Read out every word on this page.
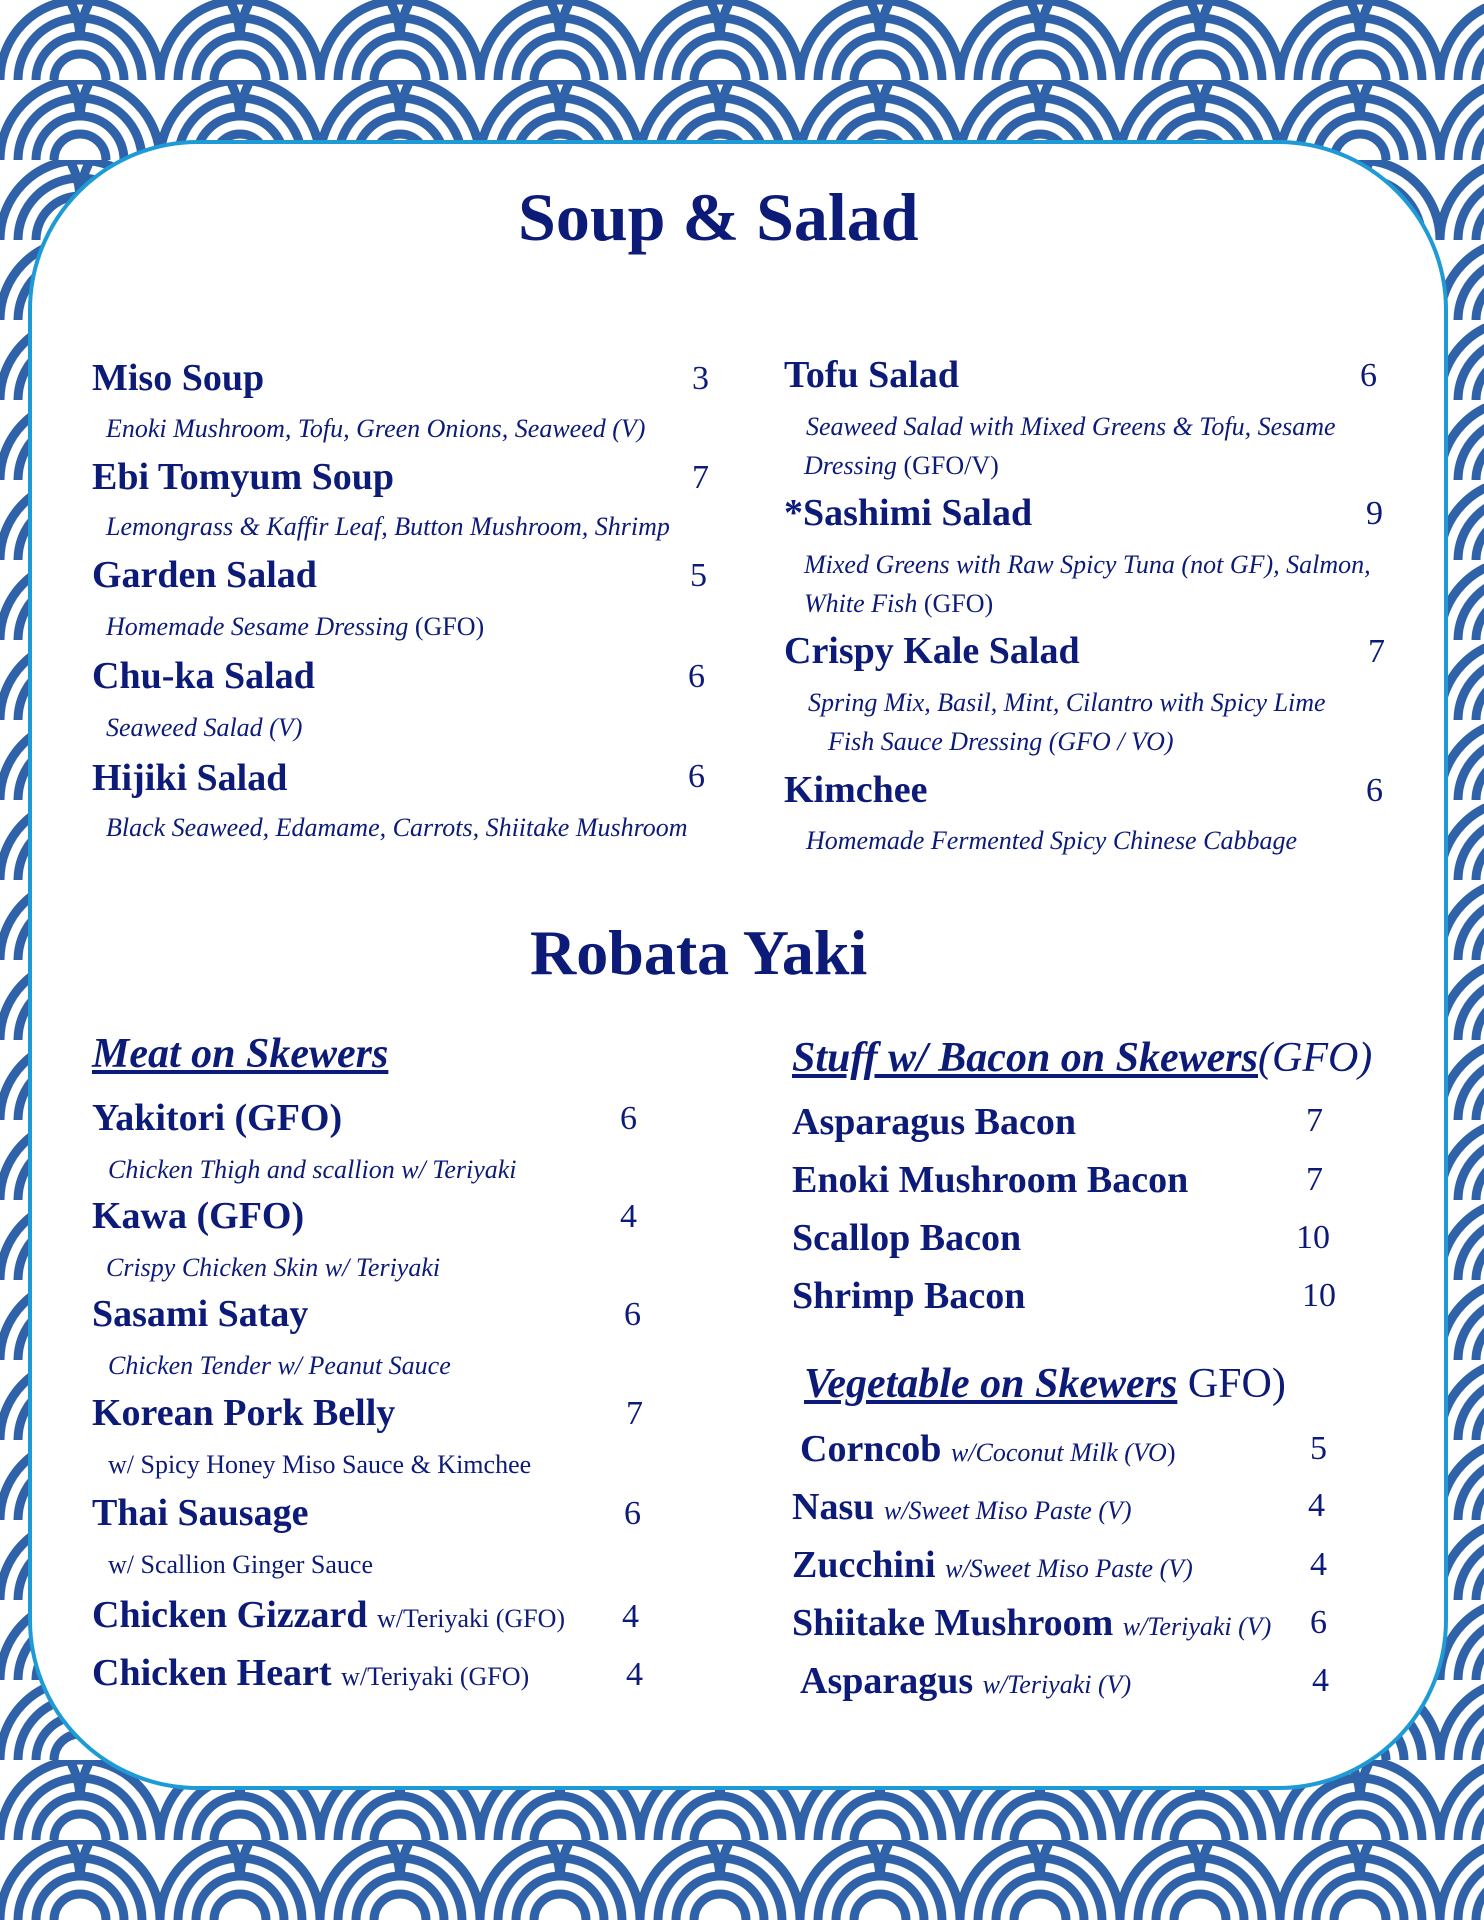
Soup & Salad
Miso Soup	3
Enoki Mushroom, Tofu, Green Onions, Seaweed (V)
Ebi Tomyum Soup	7
Lemongrass & Kaffir Leaf, Button Mushroom, Shrimp
Garden Salad	5
Homemade Sesame Dressing (GFO)
Chu-ka Salad	6
Seaweed Salad (V)
Hijiki Salad	6
Black Seaweed, Edamame, Carrots, Shiitake Mushroom
Tofu Salad	6
Seaweed Salad with Mixed Greens & Tofu, Sesame
Dressing (GFO/V)
*Sashimi Salad	9
Mixed Greens with Raw Spicy Tuna (not GF), Salmon,
White Fish (GFO)
Crispy Kale Salad	7
Spring Mix, Basil, Mint, Cilantro with Spicy Lime
Fish Sauce Dressing (GFO / VO)
Kimchee	6
Homemade Fermented Spicy Chinese Cabbage
Robata Yaki
Meat on Skewers
Yakitori (GFO)	6
Chicken Thigh and scallion w/ Teriyaki
Kawa (GFO)	4
Crispy Chicken Skin w/ Teriyaki
Sasami Satay	6
Chicken Tender w/ Peanut Sauce
Korean Pork Belly	7
w/ Spicy Honey Miso Sauce & Kimchee
Thai Sausage	6
w/ Scallion Ginger Sauce
Chicken Gizzard w/Teriyaki (GFO) 4
Chicken Heart w/Teriyaki (GFO)	4
Stuff w/ Bacon on Skewers(GFO)
Asparagus Bacon	7
Enoki Mushroom Bacon	7
Scallop Bacon	10
Shrimp Bacon	10
Vegetable on Skewers GFO)
Corncob w/Coconut Milk (VO)	5
Nasu w/Sweet Miso Paste (V)	4
Zucchini w/Sweet Miso Paste (V)	4
Shiitake Mushroom w/Teriyaki (V) 6
Asparagus w/Teriyaki (V)	4
